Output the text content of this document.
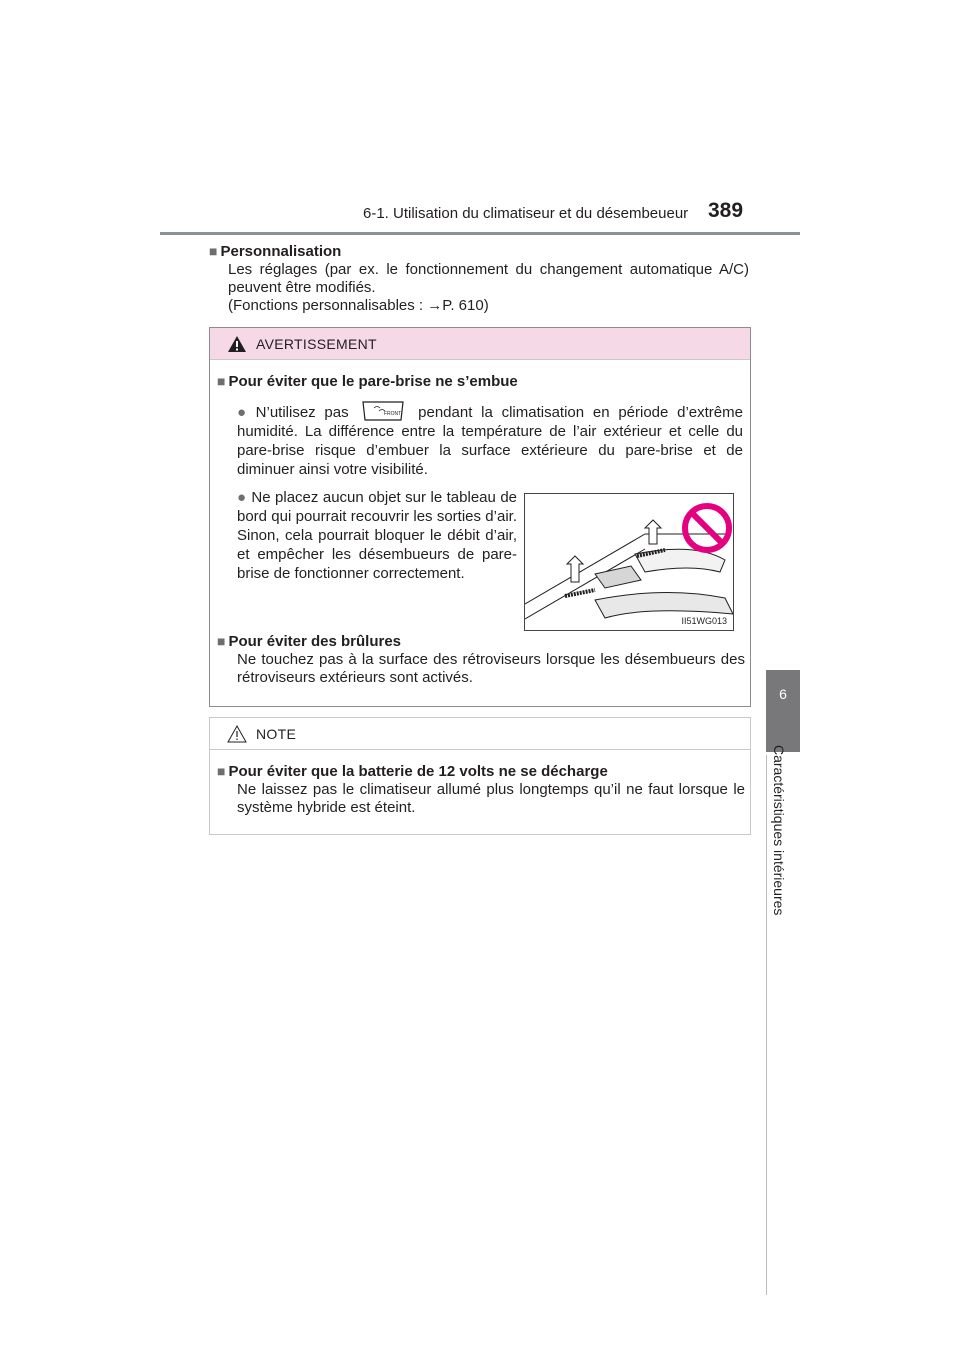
6-1. Utilisation du climatiseur et du désembeueur 389
6
Caractéristiques intérieures
■ Personnalisation
Les réglages (par ex. le fonctionnement du changement automatique A/C) peuvent être modifiés.
(Fonctions personnalisables : →P. 610)
AVERTISSEMENT
■ Pour éviter que le pare-brise ne s’embue
● N’utilisez pas	FRONT pendant la climatisation en période d’extrême humidité. La différence entre la température de l’air extérieur et celle du pare-brise risque d’embuer la surface extérieure du pare-brise et de diminuer ainsi votre visibilité.
● Ne placez aucun objet sur le tableau de bord qui pourrait recouvrir les sorties d’air. Sinon, cela pourrait bloquer le débit d’air, et empêcher les désembueurs de pare-brise de fonctionner correctement.
II51WG013
■ Pour éviter des brûlures
Ne touchez pas à la surface des rétroviseurs lorsque les désembueurs des rétroviseurs extérieurs sont activés.
NOTE
■ Pour éviter que la batterie de 12 volts ne se décharge
Ne laissez pas le climatiseur allumé plus longtemps qu’il ne faut lorsque le système hybride est éteint.
